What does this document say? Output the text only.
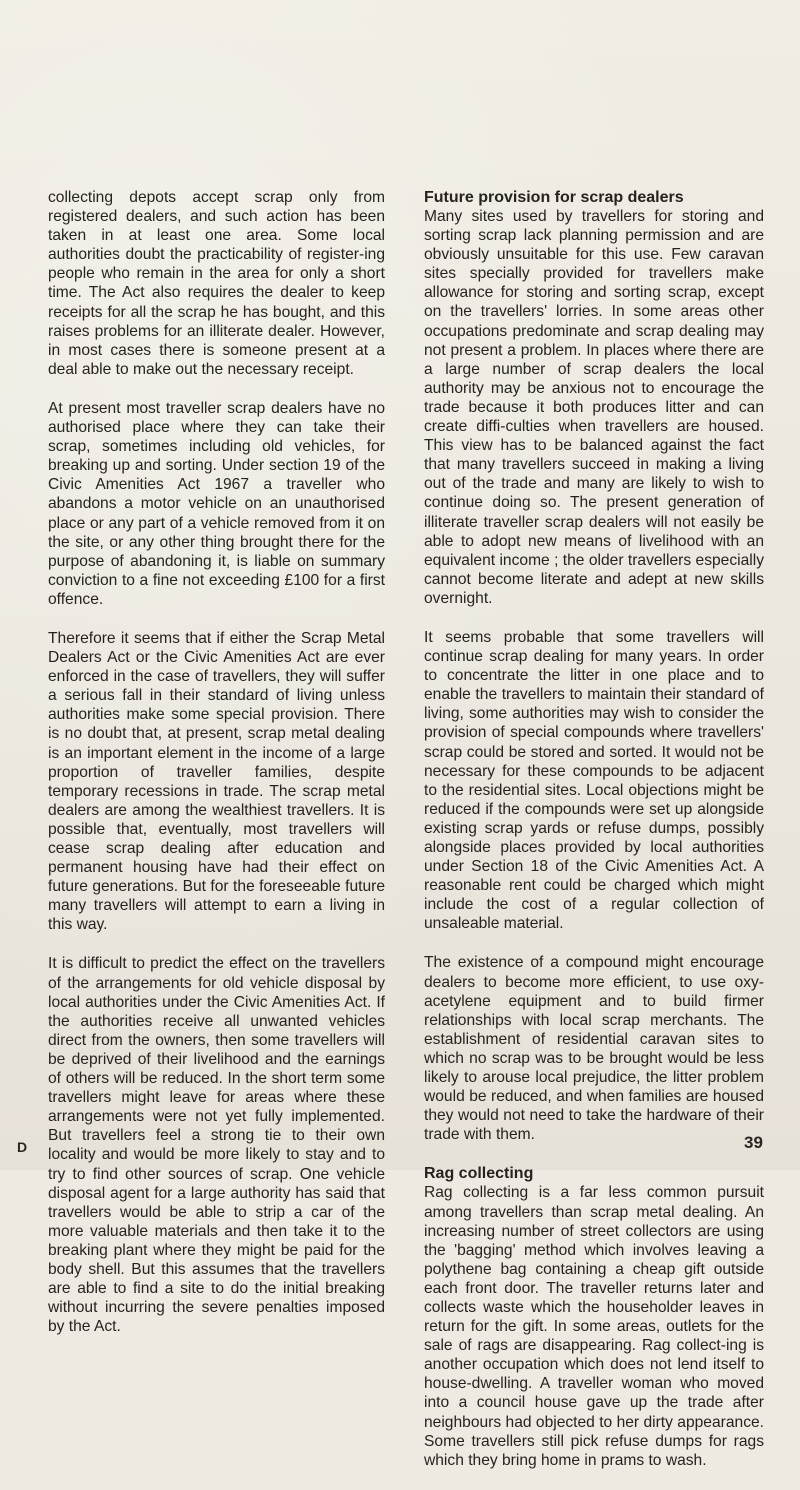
collecting depots accept scrap only from registered dealers, and such action has been taken in at least one area. Some local authorities doubt the practicability of register-ing people who remain in the area for only a short time. The Act also requires the dealer to keep receipts for all the scrap he has bought, and this raises problems for an illiterate dealer. However, in most cases there is someone present at a deal able to make out the necessary receipt.

At present most traveller scrap dealers have no authorised place where they can take their scrap, sometimes including old vehicles, for breaking up and sorting. Under section 19 of the Civic Amenities Act 1967 a traveller who abandons a motor vehicle on an unauthorised place or any part of a vehicle removed from it on the site, or any other thing brought there for the purpose of abandoning it, is liable on summary conviction to a fine not exceeding £100 for a first offence.

Therefore it seems that if either the Scrap Metal Dealers Act or the Civic Amenities Act are ever enforced in the case of travellers, they will suffer a serious fall in their standard of living unless authorities make some special provision. There is no doubt that, at present, scrap metal dealing is an important element in the income of a large proportion of traveller families, despite temporary recessions in trade. The scrap metal dealers are among the wealthiest travellers. It is possible that, eventually, most travellers will cease scrap dealing after education and permanent housing have had their effect on future generations. But for the foreseeable future many travellers will attempt to earn a living in this way.

It is difficult to predict the effect on the travellers of the arrangements for old vehicle disposal by local authorities under the Civic Amenities Act. If the authorities receive all unwanted vehicles direct from the owners, then some travellers will be deprived of their livelihood and the earnings of others will be reduced. In the short term some travellers might leave for areas where these arrangements were not yet fully implemented. But travellers feel a strong tie to their own locality and would be more likely to stay and to try to find other sources of scrap. One vehicle disposal agent for a large authority has said that travellers would be able to strip a car of the more valuable materials and then take it to the breaking plant where they might be paid for the body shell. But this assumes that the travellers are able to find a site to do the initial breaking without incurring the severe penalties imposed by the Act.

Future provision for scrap dealers

Many sites used by travellers for storing and sorting scrap lack planning permission and are obviously unsuitable for this use. Few caravan sites specially provided for travellers make allowance for storing and sorting scrap, except on the travellers' lorries. In some areas other occupations predominate and scrap dealing may not present a problem. In places where there are a large number of scrap dealers the local authority may be anxious not to encourage the trade because it both produces litter and can create diffi-culties when travellers are housed. This view has to be balanced against the fact that many travellers succeed in making a living out of the trade and many are likely to wish to continue doing so. The present generation of illiterate traveller scrap dealers will not easily be able to adopt new means of livelihood with an equivalent income ; the older travellers especially cannot become literate and adept at new skills overnight.

It seems probable that some travellers will continue scrap dealing for many years. In order to concentrate the litter in one place and to enable the travellers to maintain their standard of living, some authorities may wish to consider the provision of special compounds where travellers' scrap could be stored and sorted. It would not be necessary for these compounds to be adjacent to the residential sites. Local objections might be reduced if the compounds were set up alongside existing scrap yards or refuse dumps, possibly alongside places provided by local authorities under Section 18 of the Civic Amenities Act. A reasonable rent could be charged which might include the cost of a regular collection of unsaleable material.

The existence of a compound might encourage dealers to become more efficient, to use oxy-acetylene equipment and to build firmer relationships with local scrap merchants. The establishment of residential caravan sites to which no scrap was to be brought would be less likely to arouse local prejudice, the litter problem would be reduced, and when families are housed they would not need to take the hardware of their trade with them.

Rag collecting

Rag collecting is a far less common pursuit among travellers than scrap metal dealing. An increasing number of street collectors are using the 'bagging' method which involves leaving a polythene bag containing a cheap gift outside each front door. The traveller returns later and collects waste which the householder leaves in return for the gift. In some areas, outlets for the sale of rags are disappearing. Rag collect-ing is another occupation which does not lend itself to house-dwelling. A traveller woman who moved into a council house gave up the trade after neighbours had objected to her dirty appearance. Some travellers still pick refuse dumps for rags which they bring home in prams to wash.

D	39
